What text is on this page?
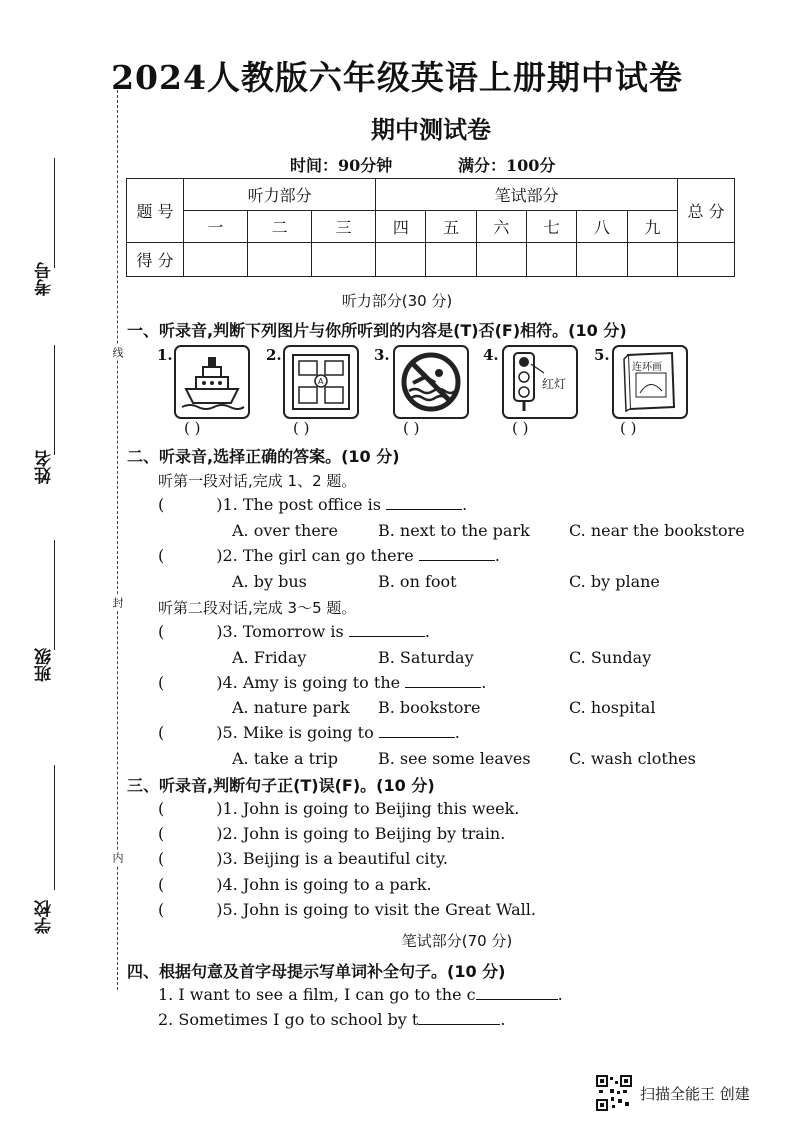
2024人教版六年级英语上册期中试卷
期中测试卷
时间：90分钟	满分：100分
考号
姓名
班级
学校
线
封
内
题 号	听力部分			笔试部分						总 分
	一	二	三	四	五	六	七	八	九	
得 分										
听力部分(30 分)
一、听录音,判断下列图片与你所听到的内容是(T)否(F)相符。(10 分)
1.	2.
A
3.	4.
红灯
5.
连环画
( )	( )	( )	( )	( )
二、听录音,选择正确的答案。(10 分)
听第一段对话,完成 1、2 题。
(	)1. The post office is	.
A. over there	B. next to the park C. near the bookstore
(	)2. The girl can go there	.
A. by bus	B. on foot	C. by plane
听第二段对话,完成 3～5 题。
(	)3. Tomorrow is	.
A. Friday	B. Saturday	C. Sunday
(	)4. Amy is going to the	.
A. nature park B. bookstore	C. hospital
(	)5. Mike is going to	.
A. take a trip B. see some leaves C. wash clothes
三、听录音,判断句子正(T)误(F)。(10 分)
(	)1. John is going to Beijing this week.
(	)2. John is going to Beijing by train.
(	)3. Beijing is a beautiful city.
(	)4. John is going to a park.
(	)5. John is going to visit the Great Wall.
笔试部分(70 分)
四、根据句意及首字母提示写单词补全句子。(10 分)
1. I want to see a film, I can go to the c	.
2. Sometimes I go to school by t	.
扫描全能王 创建
